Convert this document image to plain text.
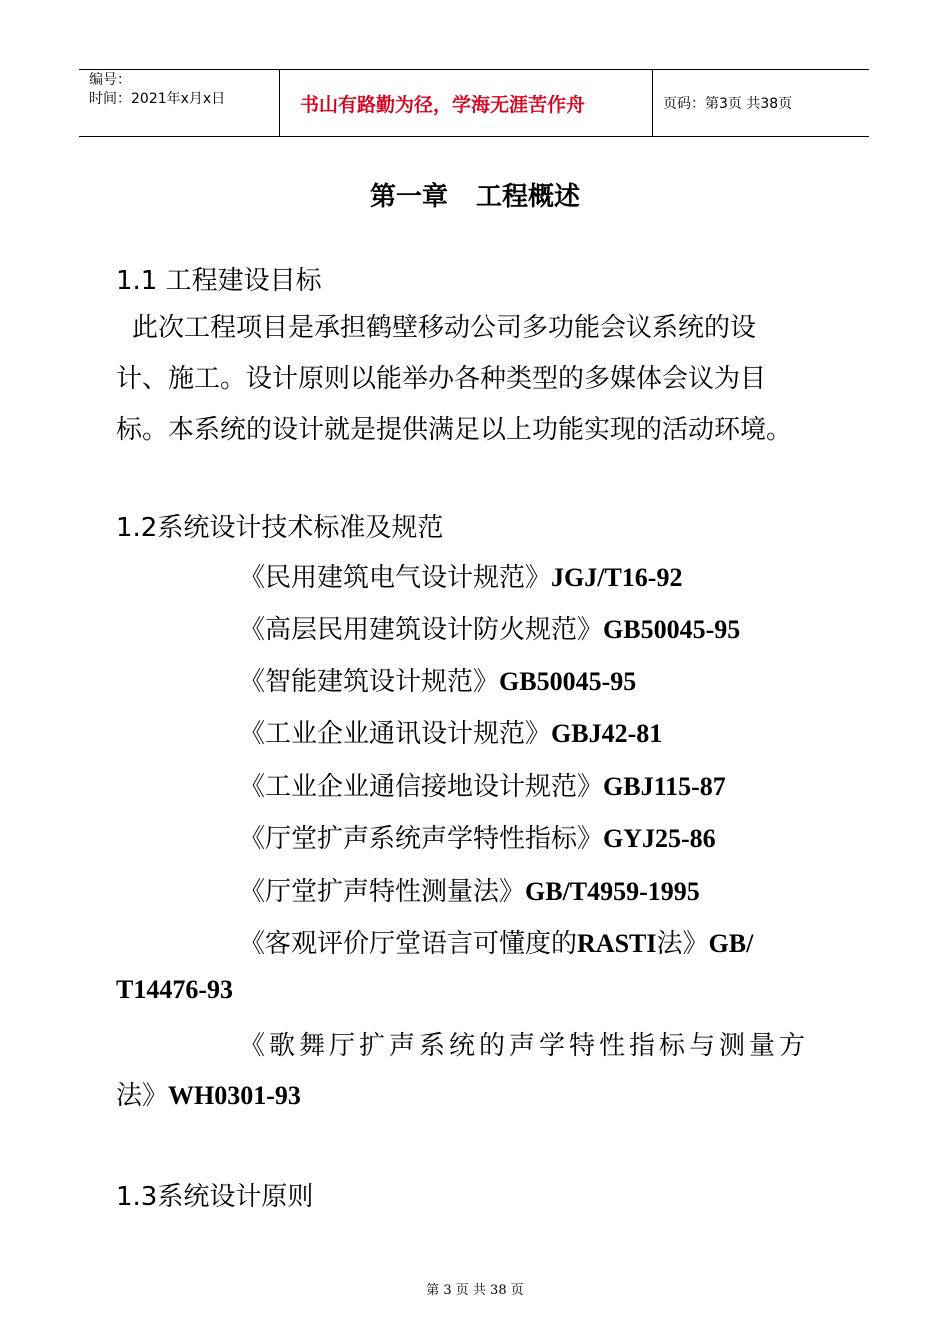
编号：
时间：2021年x月x日	书山有路勤为径，学海无涯苦作舟	页码：第3页 共38页
第一章 工程概述
1.1 工程建设目标
此次工程项目是承担鹤壁移动公司多功能会议系统的设
计、施工。设计原则以能举办各种类型的多媒体会议为目
标。本系统的设计就是提供满足以上功能实现的活动环境。
1.2系统设计技术标准及规范
《民用建筑电气设计规范》JGJ/T16-92
《高层民用建筑设计防火规范》GB50045-95
《智能建筑设计规范》GB50045-95
《工业企业通讯设计规范》GBJ42-81
《工业企业通信接地设计规范》GBJ115-87
《厅堂扩声系统声学特性指标》GYJ25-86
《厅堂扩声特性测量法》GB/T4959-1995
《客观评价厅堂语言可懂度的RASTI法》GB/
T14476-93
《歌舞厅扩声系统的声学特性指标与测量方
法》WH0301-93
1.3系统设计原则
第 3 页 共 38 页
